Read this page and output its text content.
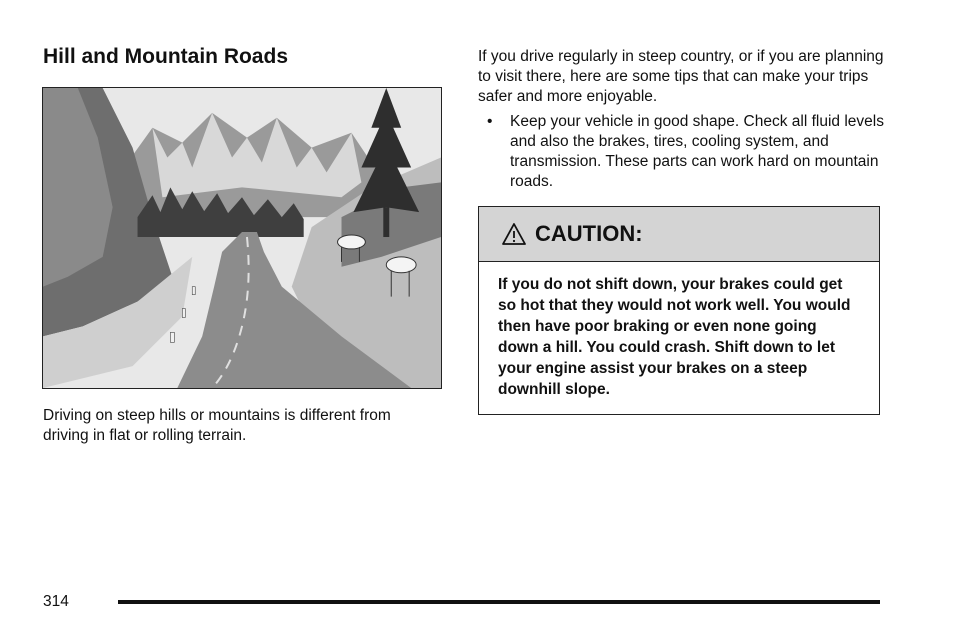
Hill and Mountain Roads

Driving on steep hills or mountains is different from driving in flat or rolling terrain.

If you drive regularly in steep country, or if you are planning to visit there, here are some tips that can make your trips safer and more enjoyable.

• Keep your vehicle in good shape. Check all fluid levels and also the brakes, tires, cooling system, and transmission. These parts can work hard on mountain roads.
CAUTION:

If you do not shift down, your brakes could get so hot that they would not work well. You would then have poor braking or even none going down a hill. You could crash. Shift down to let your engine assist your brakes on a steep downhill slope.

314
